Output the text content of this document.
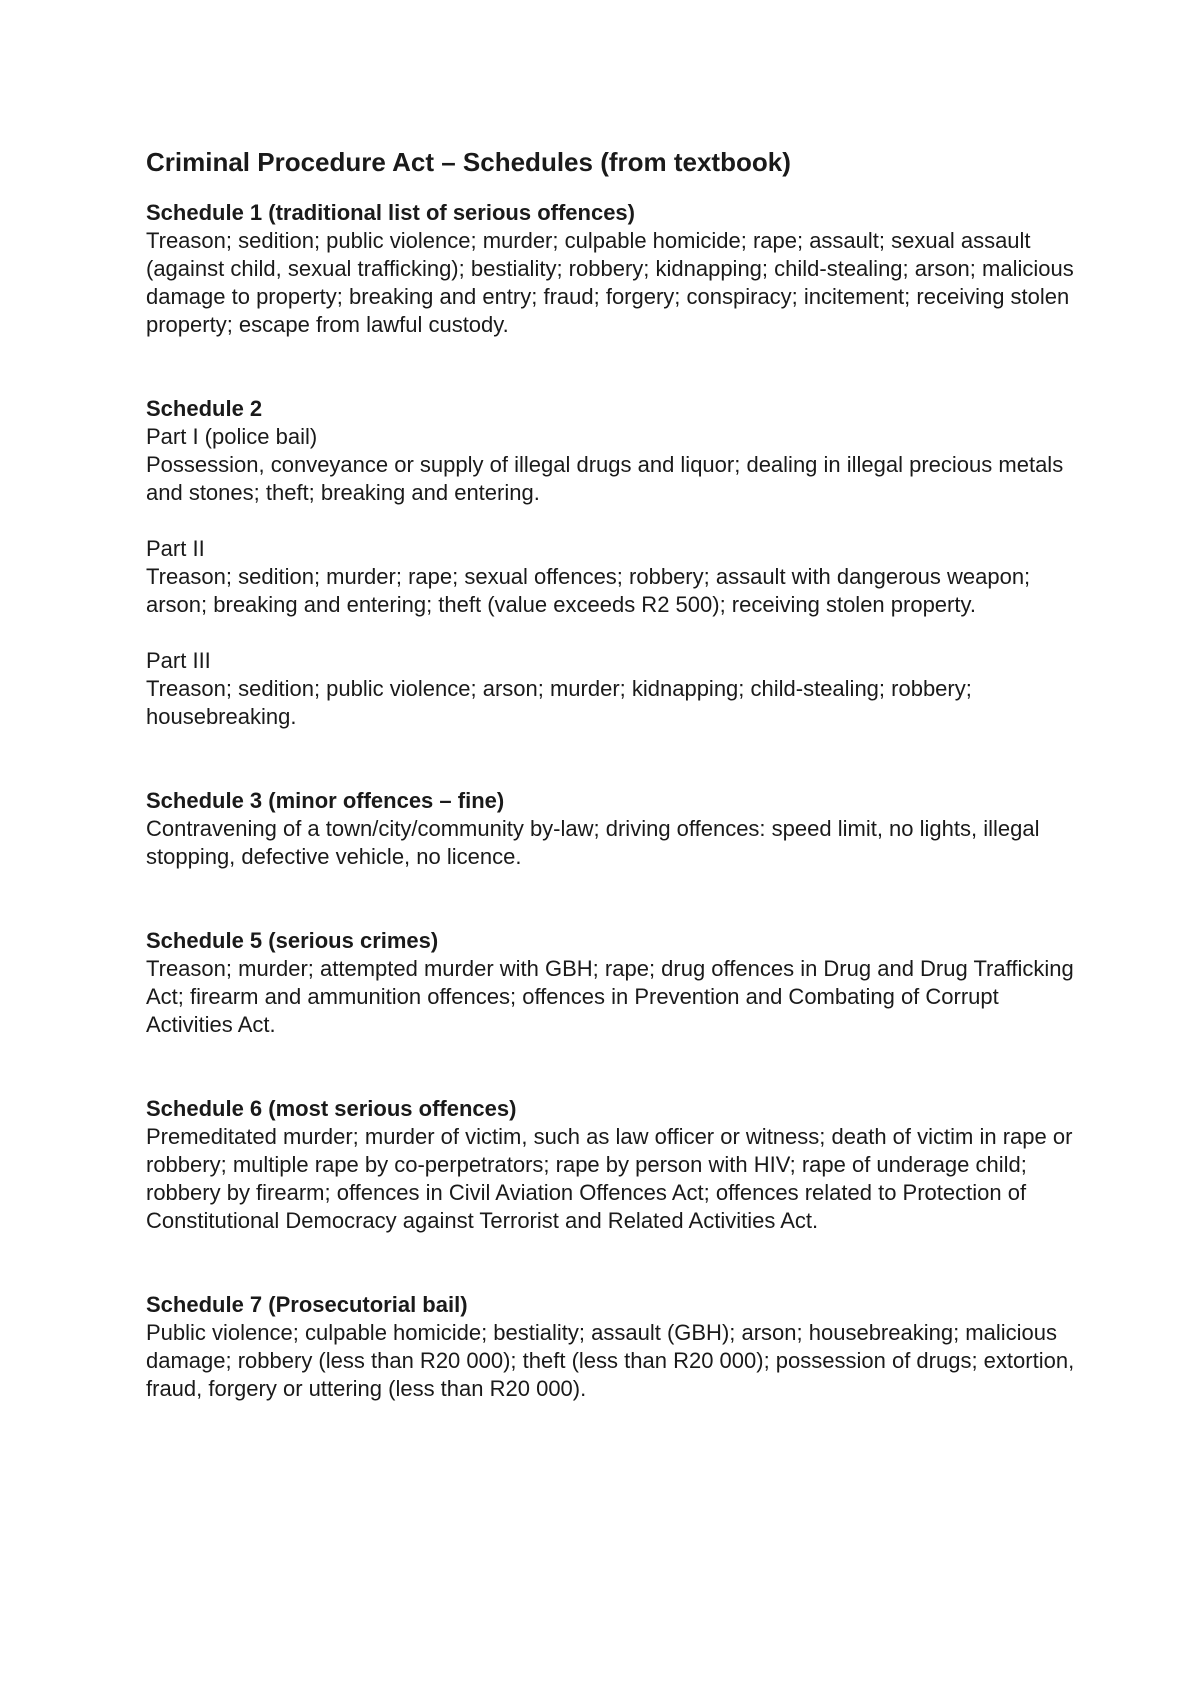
Criminal Procedure Act – Schedules (from textbook)

Schedule 1 (traditional list of serious offences)

Treason; sedition; public violence; murder; culpable homicide; rape; assault; sexual assault (against child, sexual trafficking); bestiality; robbery; kidnapping; child-stealing; arson; malicious damage to property; breaking and entry; fraud; forgery; conspiracy; incitement; receiving stolen property; escape from lawful custody.

Schedule 2

Part I (police bail)

Possession, conveyance or supply of illegal drugs and liquor; dealing in illegal precious metals and stones; theft; breaking and entering.

Part II

Treason; sedition; murder; rape; sexual offences; robbery; assault with dangerous weapon; arson; breaking and entering; theft (value exceeds R2 500); receiving stolen property.

Part III

Treason; sedition; public violence; arson; murder; kidnapping; child-stealing; robbery; housebreaking.

Schedule 3 (minor offences – fine)

Contravening of a town/city/community by-law; driving offences: speed limit, no lights, illegal stopping, defective vehicle, no licence.

Schedule 5 (serious crimes)

Treason; murder; attempted murder with GBH; rape; drug offences in Drug and Drug Trafficking Act; firearm and ammunition offences; offences in Prevention and Combating of Corrupt Activities Act.

Schedule 6 (most serious offences)

Premeditated murder; murder of victim, such as law officer or witness; death of victim in rape or robbery; multiple rape by co-perpetrators; rape by person with HIV; rape of underage child; robbery by firearm; offences in Civil Aviation Offences Act; offences related to Protection of Constitutional Democracy against Terrorist and Related Activities Act.

Schedule 7 (Prosecutorial bail)

Public violence; culpable homicide; bestiality; assault (GBH); arson; housebreaking; malicious damage; robbery (less than R20 000); theft (less than R20 000); possession of drugs; extortion, fraud, forgery or uttering (less than R20 000).
